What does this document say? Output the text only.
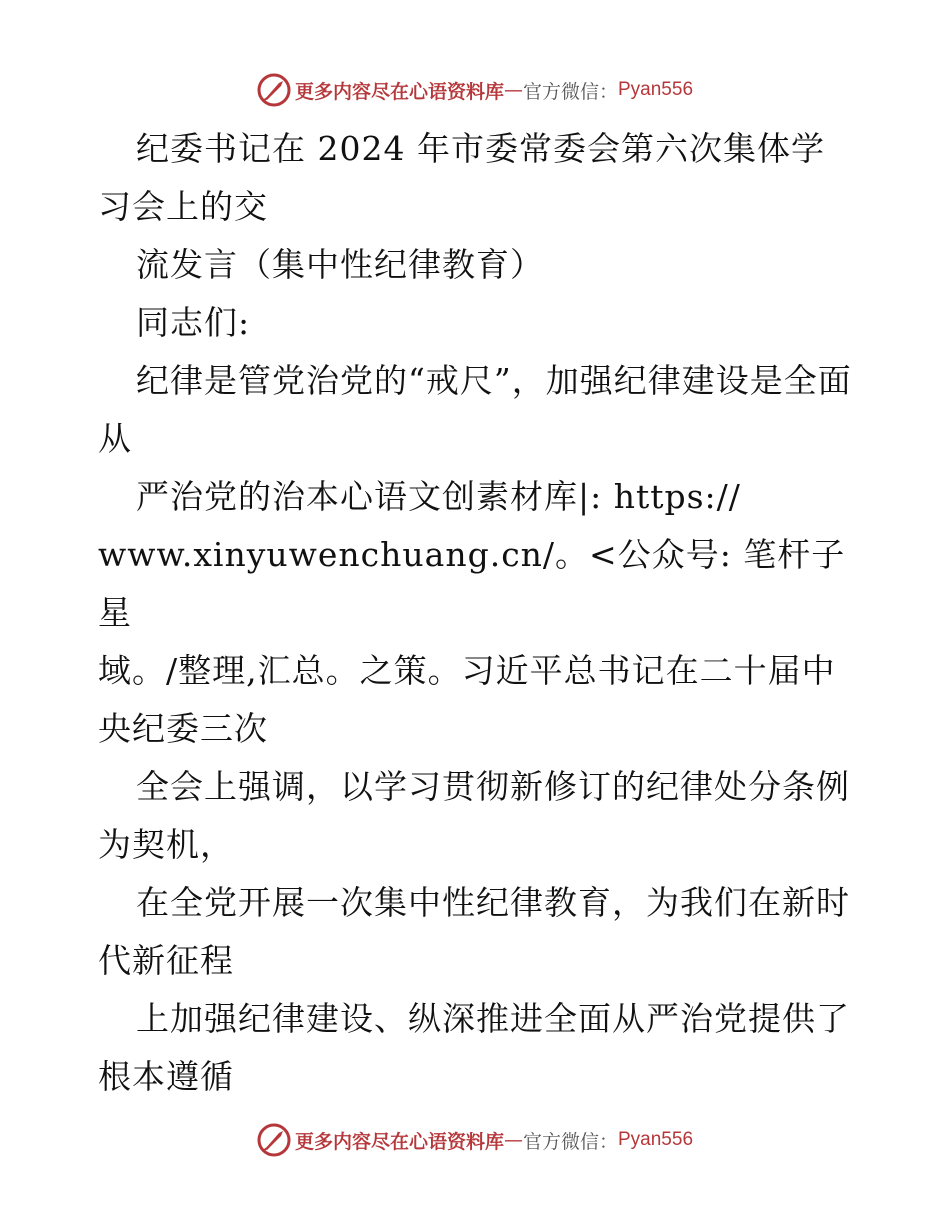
更多内容尽在心语资料库 — 官方微信： Pyan556

纪委书记在 2024 年市委常委会第六次集体学习会上的交

流发言（集中性纪律教育）

同志们:

纪律是管党治党的“戒尺”，加强纪律建设是全面从

严治党的治本心语文创素材库|: https://

www.xinyuwenchuang.cn/。<公众号: 笔杆子星

域。/整理,汇总。之策。习近平总书记在二十届中央纪委三次

全会上强调，以学习贯彻新修订的纪律处分条例为契机，

在全党开展一次集中性纪律教育，为我们在新时代新征程

上加强纪律建设、纵深推进全面从严治党提供了根本遵循

更多内容尽在心语资料库 — 官方微信： Pyan556
